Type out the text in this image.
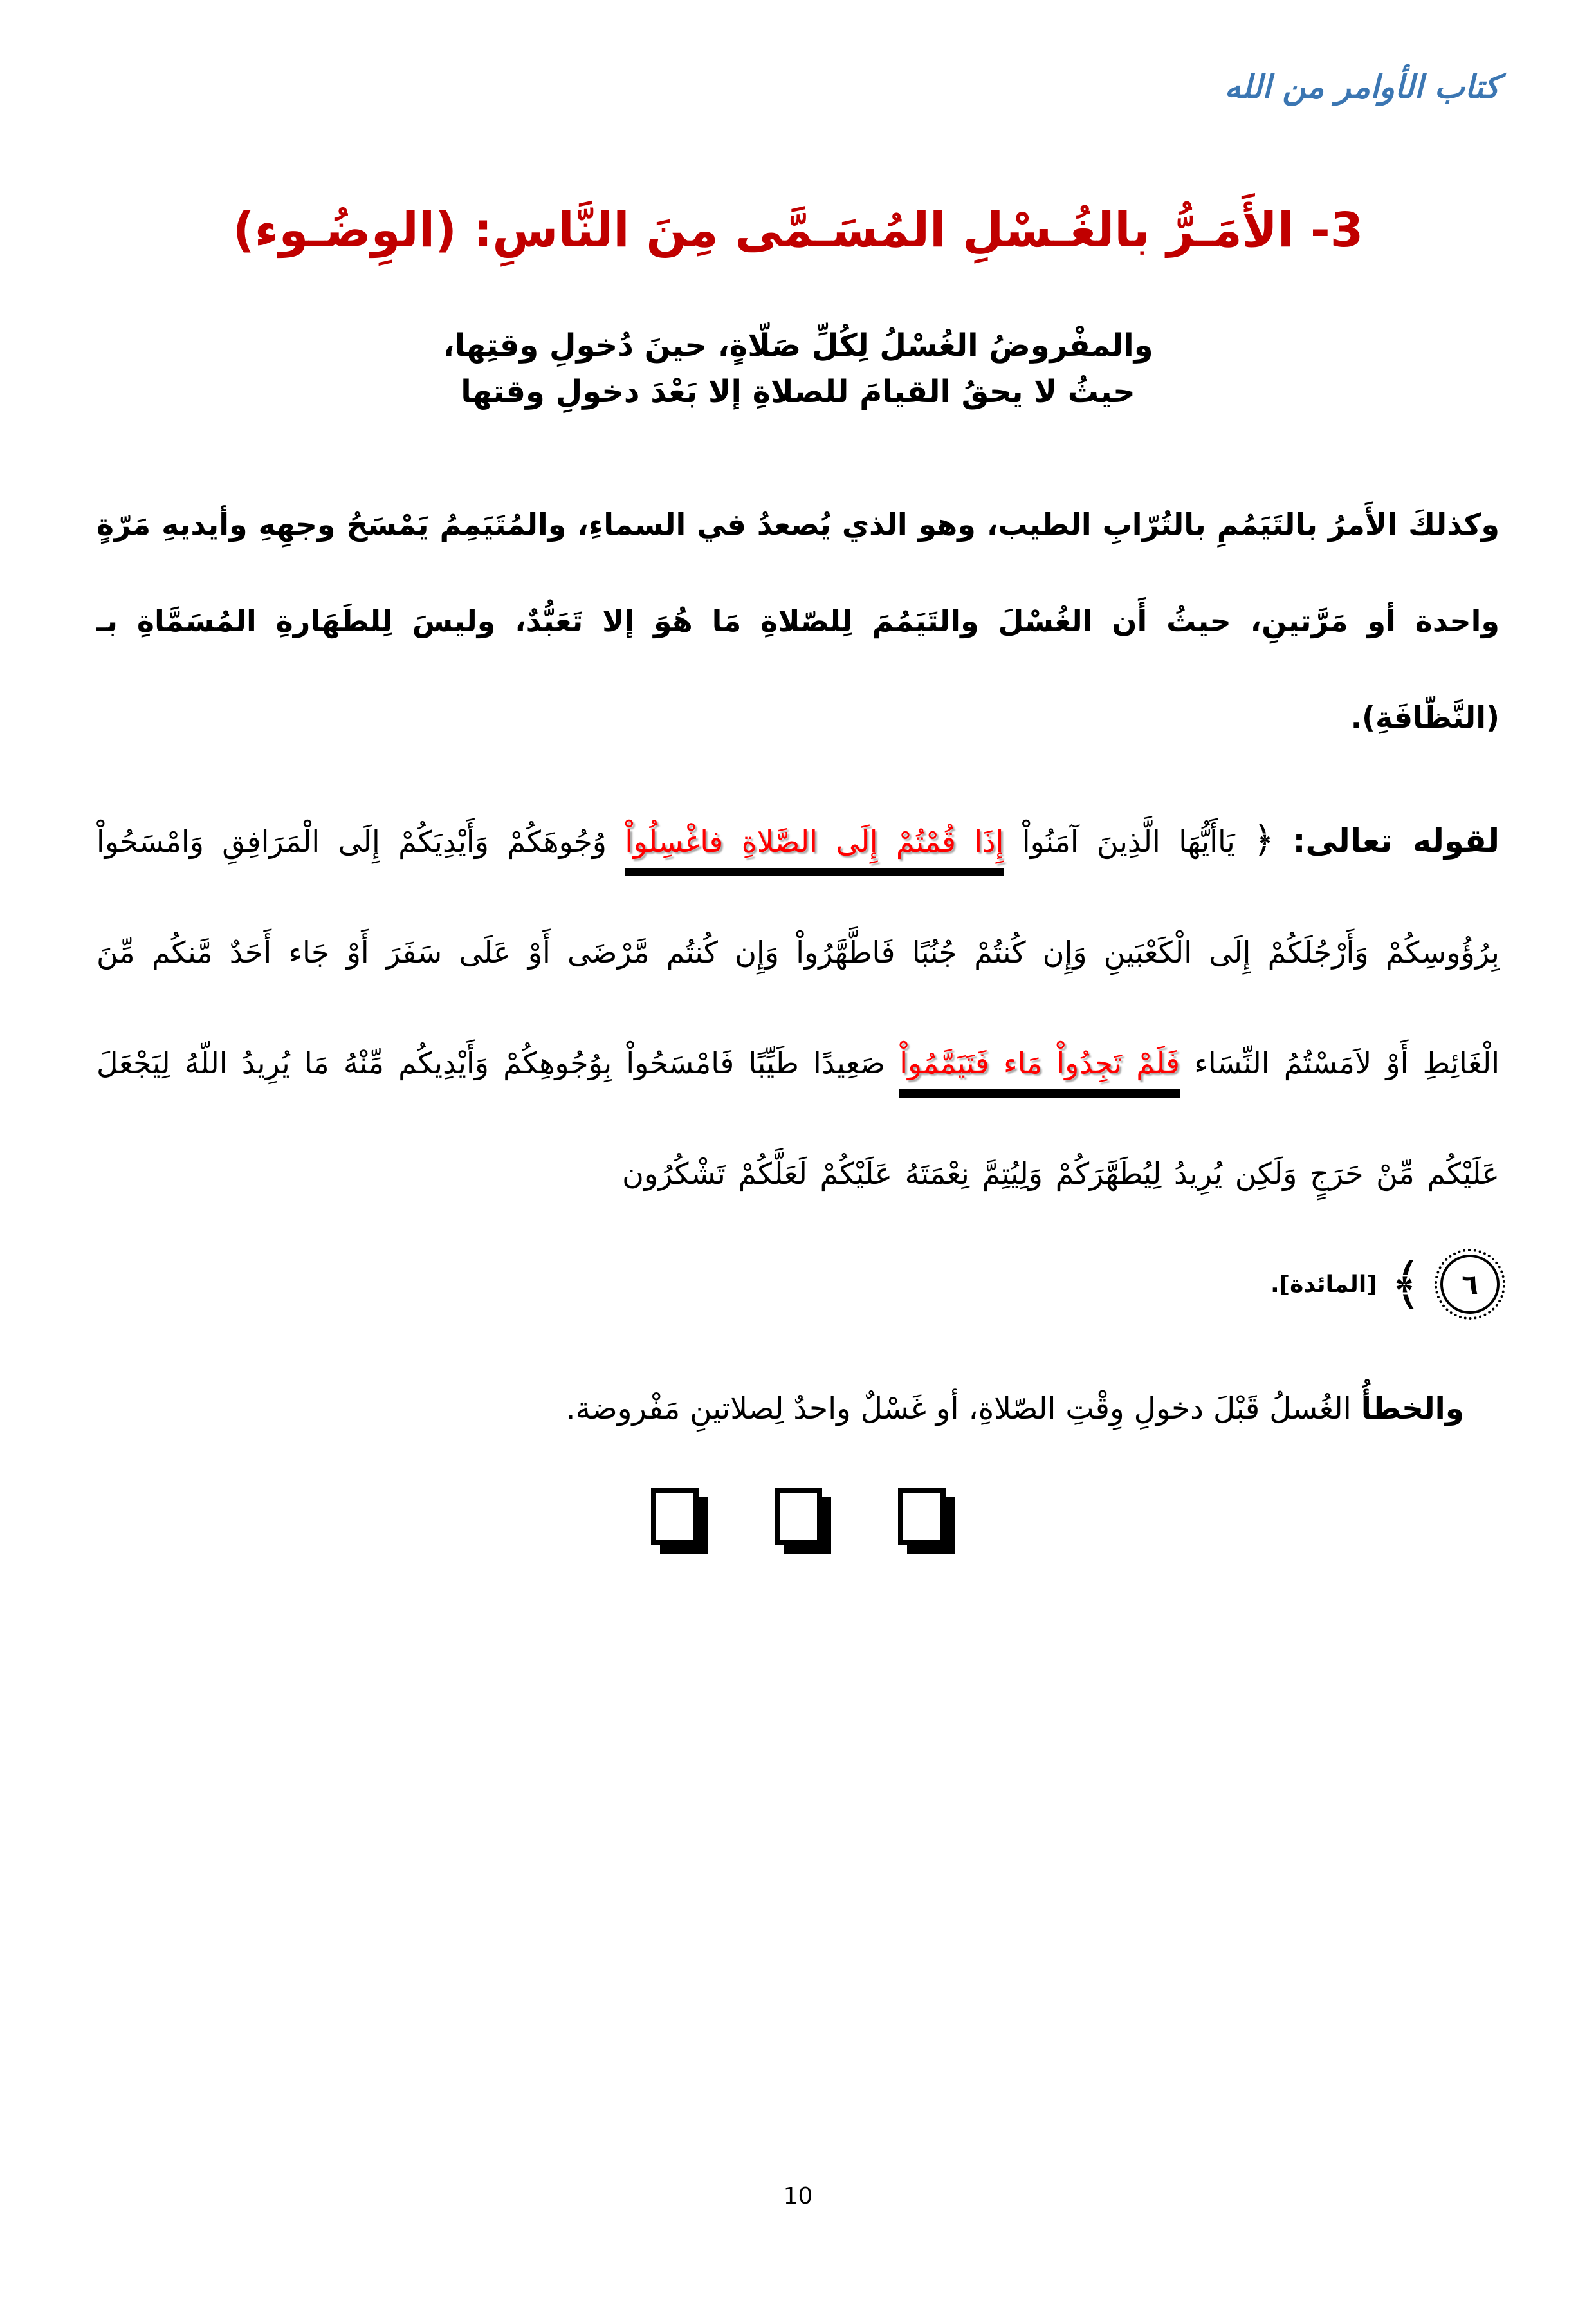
كتاب الأوامر من الله
3- الأَمَـرُّ بالغُـسْلِ المُسَـمَّى مِنَ النَّاسِ: (الوِضُـوء)
والمفْروضُ الغُسْلُ لِكُلِّ صَلّاةٍ، حينَ دُخولِ وقتِها،
حيثُ لا يحقُ القيامَ للصلاةِ إلا بَعْدَ دخولِ وقتها

وكذلكَ الأَمرُ بالتَيَمُمِ بالتُرّابِ الطيب، وهو الذي يُصعدُ في السماءِ، والمُتَيَمِمُ يَمْسَحُ وجهِهِ وأيديهِ مَرّةٍ واحدة أو مَرَّتينِ، حيثُ أَن الغُسْلَ والتَيَمُمَ لِلصّلاةِ مَا هُوَ إلا تَعَبُّدٌ، وليسَ لِلطَهَارةِ المُسَمَّاةِ بـ (النَّظّافَةِ).

لقوله تعالى: ﴿ يَاأَيُّهَا الَّذِينَ آمَنُواْ إِذَا قُمْتُمْ إِلَى الصَّلاةِ فاغْسِلُواْ وُجُوهَكُمْ وَأَيْدِيَكُمْ إِلَى الْمَرَافِقِ وَامْسَحُواْ بِرُؤُوسِكُمْ وَأَرْجُلَكُمْ إِلَى الْكَعْبَينِ وَإِن كُنتُمْ جُنُبًا فَاطَّهَّرُواْ وَإِن كُنتُم مَّرْضَى أَوْ عَلَى سَفَرَ أَوْ جَاء أَحَدٌ مَّنكُم مِّنَ الْغَائِطِ أَوْ لاَمَسْتُمُ النِّسَاء فَلَمْ تَجِدُواْ مَاء فَتَيَمَّمُواْ صَعِيدًا طَيِّبًا فَامْسَحُواْ بِوُجُوهِكُمْ وَأَيْدِيكُم مِّنْهُ مَا يُرِيدُ اللّهُ لِيَجْعَلَ عَلَيْكُم مِّنْ حَرَجٍ وَلَكِن يُرِيدُ لِيُطَهَّرَكُمْ وَلِيُتِمَّ نِعْمَتَهُ عَلَيْكُمْ لَعَلَّكُمْ تَشْكُرُون

٦
﴾
[المائدة].

والخطأُ الغُسلُ قَبْلَ دخولِ وِقْتِ الصّلاةِ، أو غَسْلٌ واحدٌ لِصلاتينِ مَفْروضة.

10
